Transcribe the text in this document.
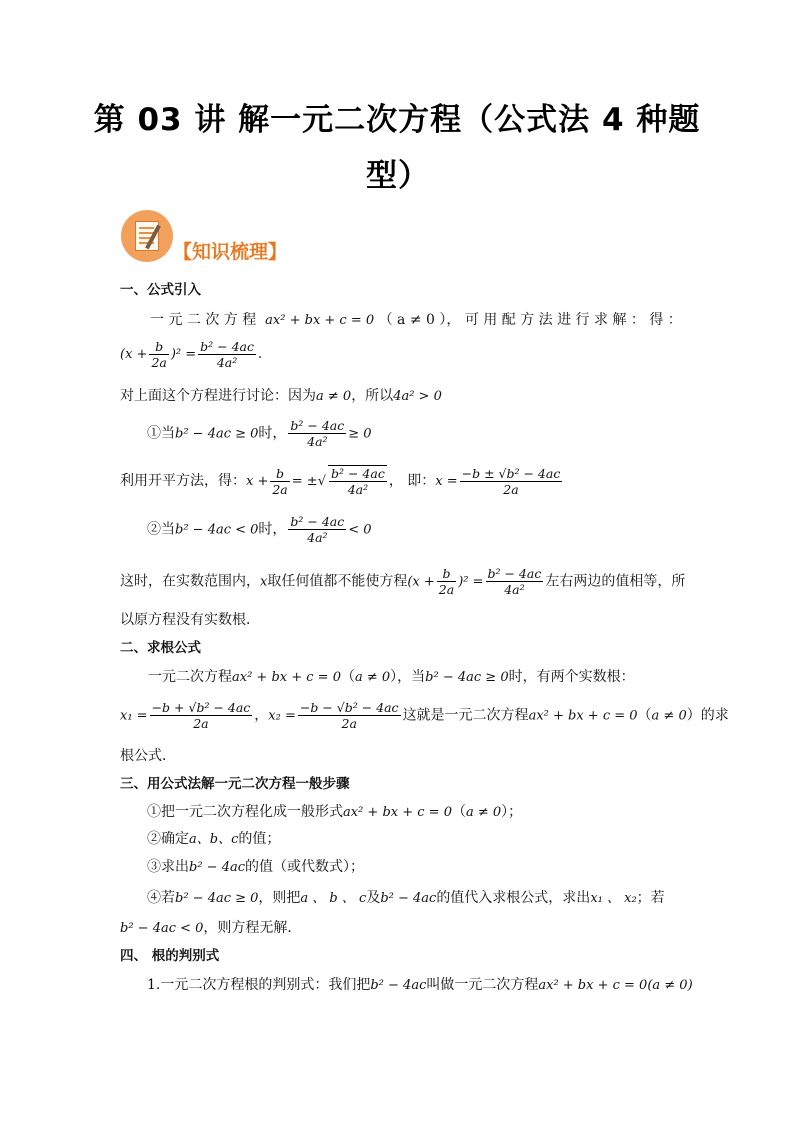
第 03 讲 解一元二次方程（公式法 4 种题
型）
【知识梳理】
一、公式引入
一 元 二 次 方 程 ax² + bx + c = 0 （ a ≠ 0 ）， 可 用 配 方 法 进 行 求 解 ： 得 ：
$(x + \frac{b}{2a} )^2 = \frac{\text{b² − 4ac}}{\text{4a²}}$ .
对上面这个方程进行讨论：因为a ≠ 0，所以4a² > 0
①当b² − 4ac ≥ 0时， $\frac{\text{b² − 4ac}}{\text{4a²}} \ge 0$
利用开平方法，得：$x + \frac{b}{2a}$ = ±√ $\frac{\text{b² − 4ac}}{\text{4a²}}$ ， 即：$x = \frac{\text{−b ± √b² − 4ac}}{2a}$
②当b² − 4ac < 0时， $\frac{\text{b² − 4ac}}{\text{4a²}} < 0$
这时，在实数范围内，x取任何值都不能使方程$(x + \frac{b}{2a} )^2 = \frac{\text{b² − 4ac}}{\text{4a²}}$ 左右两边的值相等，所
以原方程没有实数根．
二、求根公式
一元二次方程ax² + bx + c = 0（a ≠ 0），当b² − 4ac ≥ 0时，有两个实数根：
$x_1 = \frac{\text{−b + √b² − 4ac}}{2a}$ ，$x_2 = \frac{\text{−b − √b² − 4ac}}{2a}$ 这就是一元二次方程ax² + bx + c = 0（a ≠ 0）的求
根公式．
三、用公式法解一元二次方程一般步骤
①把一元二次方程化成一般形式ax² + bx + c = 0（a ≠ 0）；
②确定a、b、c的值；
③求出b² − 4ac的值（或代数式）；
④若b² − 4ac ≥ 0，则把a 、 b 、 c及b² − 4ac的值代入求根公式，求出x₁ 、 x₂；若
b² − 4ac < 0，则方程无解．
四、 根的判别式
1.一元二次方程根的判别式：我们把b² − 4ac叫做一元二次方程ax² + bx + c = 0(a ≠ 0)
